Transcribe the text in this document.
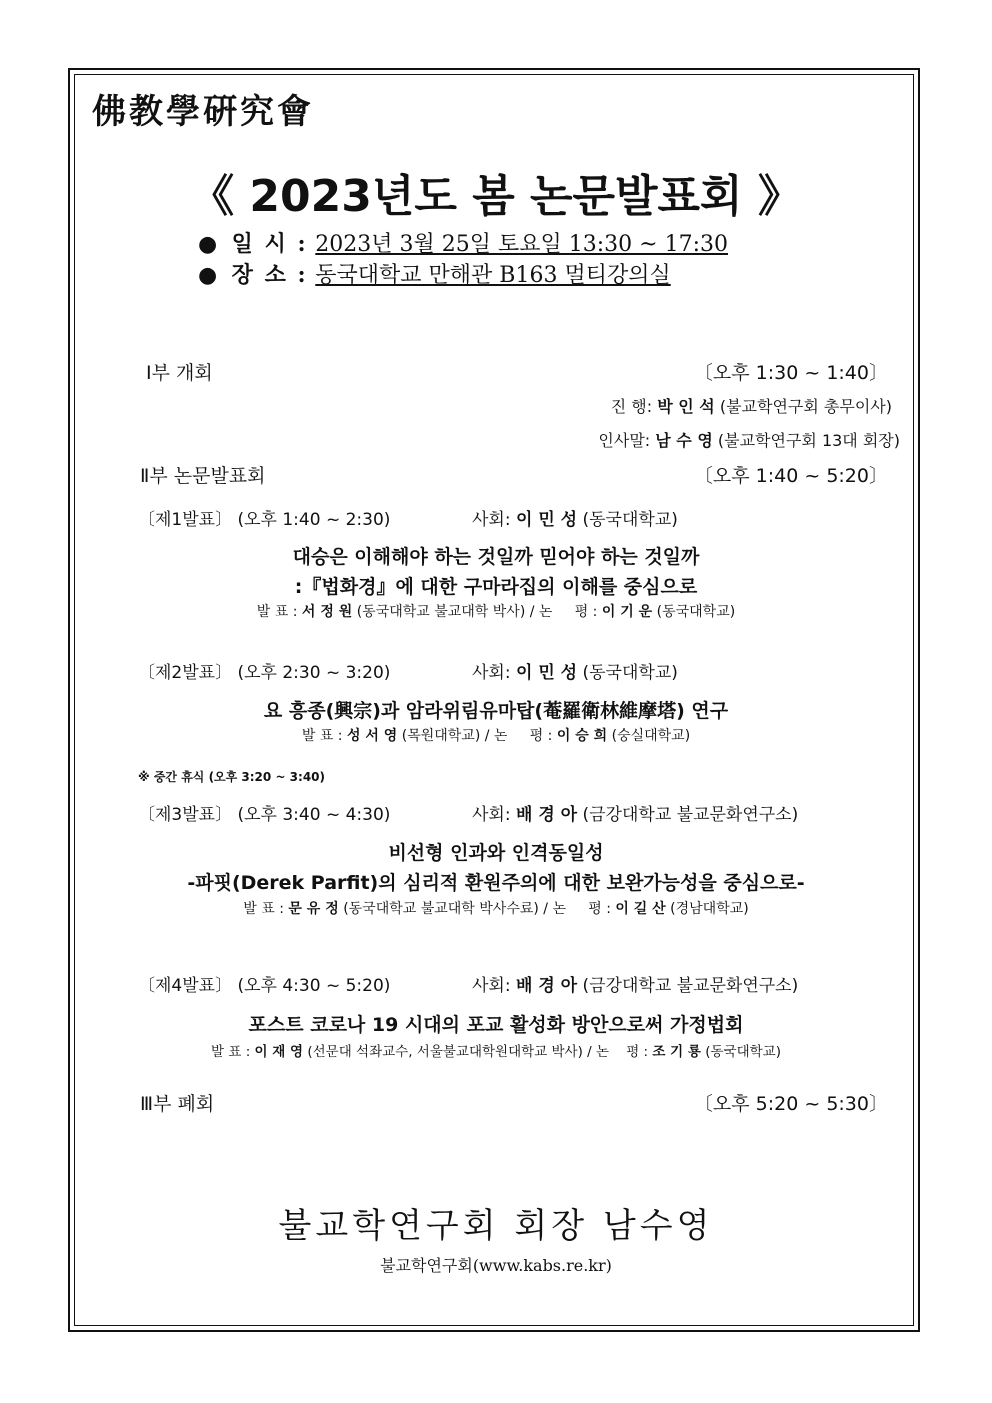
佛教學硏究會
《 2023년도 봄 논문발표회 》
● 일 시 : 2023년 3월 25일 토요일 13:30 ~ 17:30
● 장 소 : 동국대학교 만해관 B163 멀티강의실
Ⅰ부 개회	〔오후 1:30 ~ 1:40〕
진 행: 박 인 석 (불교학연구회 총무이사)
인사말: 남 수 영 (불교학연구회 13대 회장)
Ⅱ부 논문발표회	〔오후 1:40 ~ 5:20〕
〔제1발표〕 (오후 1:40 ~ 2:30)	사회: 이 민 성 (동국대학교)
대승은 이해해야 하는 것일까 믿어야 하는 것일까
:『법화경』에 대한 구마라집의 이해를 중심으로
발 표 : 서 정 원 (동국대학교 불교대학 박사) / 논 평 : 이 기 운 (동국대학교)
〔제2발표〕 (오후 2:30 ~ 3:20)	사회: 이 민 성 (동국대학교)
요 흥종(興宗)과 암라위림유마탑(菴羅衛林維摩塔) 연구
발 표 : 성 서 영 (목원대학교) / 논 평 : 이 승 희 (숭실대학교)
※ 중간 휴식 (오후 3:20 ~ 3:40)
〔제3발표〕 (오후 3:40 ~ 4:30)	사회: 배 경 아 (금강대학교 불교문화연구소)
비선형 인과와 인격동일성
-파핏(Derek Parfit)의 심리적 환원주의에 대한 보완가능성을 중심으로-
발 표 : 문 유 정 (동국대학교 불교대학 박사수료) / 논 평 : 이 길 산 (경남대학교)
〔제4발표〕 (오후 4:30 ~ 5:20)	사회: 배 경 아 (금강대학교 불교문화연구소)
포스트 코로나 19 시대의 포교 활성화 방안으로써 가정법회
발 표 : 이 재 영 (선문대 석좌교수, 서울불교대학원대학교 박사) / 논 평 : 조 기 룡 (동국대학교)
Ⅲ부 폐회	〔오후 5:20 ~ 5:30〕
불교학연구회 회장 남수영
불교학연구회(www.kabs.re.kr)
